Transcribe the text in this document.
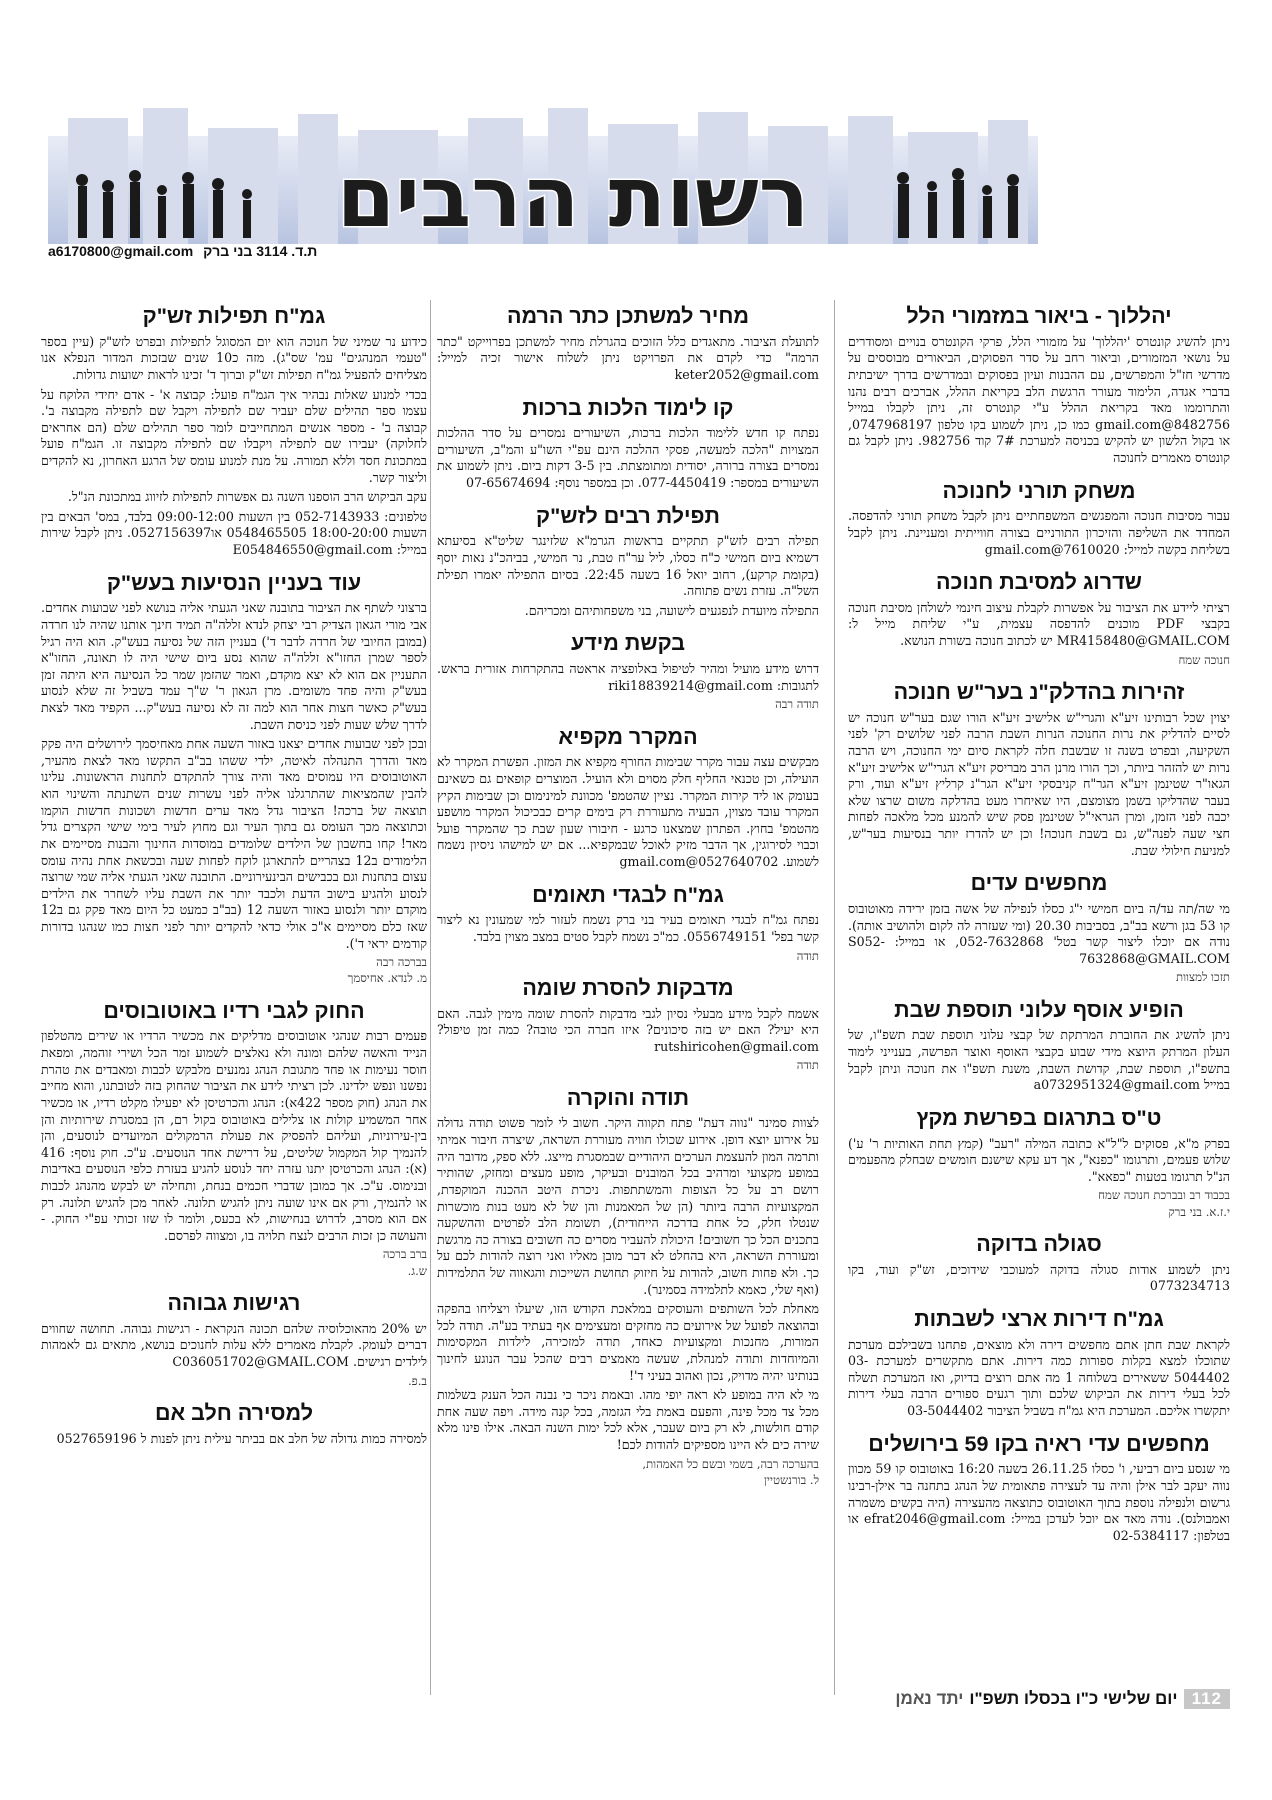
רשות הרבים
a6170800@gmail.com ת.ד. 3114 בני ברק
יהללוך - ביאור במזמורי הלל

ניתן להשיג קונטרס 'יהללוך' על מזמורי הלל, פרקי הקונטרס בנויים ומסודרים על נושאי המזמורים, וביאור רחב על סדר הפסוקים, הביאורים מבוססים על מדרשי חז"ל והמפרשים, עם ההבנות ועיון בפסוקים ובמדרשים בדרך ישיבתית בדברי אגדה, הלימוד מעורר הרגשת הלב בקריאת ההלל, אברכים רבים נהנו והתרוממו מאד בקריאת ההלל ע"י קונטרס זה, ניתן לקבלו במייל 8482756@gmail.com כמו כן, ניתן לשמוע בקו טלפון 0747968197, או בקול הלשון יש להקיש בכניסה למערכת 7# קוד 982756. ניתן לקבל גם קונטרס מאמרים לחנוכה

משחק תורני לחנוכה

עבור מסיבות חנוכה והמפגשים המשפחתיים ניתן לקבל משחק תורני להדפסה. המחדד את השליפה והזיכרון התורניים בצורה חווייתית ומעניינת. ניתן לקבל בשליחת בקשה למייל: 7610020@gmail.com

שדרוג למסיבת חנוכה

רציתי ליידע את הציבור על אפשרות לקבלת עיצוב חינמי לשולחן מסיבת חנוכה בקבצי PDF מוכנים להדפסה עצמית, ע"י שליחת מייל ל: MR4158480@GMAIL.COM יש לכתוב חנוכה בשורת הנושא.

חנוכה שמח

זהירות בהדלק"נ בער"ש חנוכה

יצוין שכל רבותינו זיע"א והגרי"ש אלישיב זיע"א הורו שגם בער"ש חנוכה יש לסיים להדליק את נרות החנוכה הנרות השבת הרבה לפני שלושים רק' לפני השקיעה, ובפרט בשנה זו שבשבת חלה לקראת סיום ימי החנוכה, ויש הרבה נרות יש להזהר ביותר, וכך הורו מרנן הרב מבריסק זיע"א הגרי"ש אלישיב זיע"א הגאו"ר שטינמן זיע"א הגר"ח קניבסקי זיע"א הגר"נ קרליץ זיע"א ועוד, ורק בעבר שהדליקו בשמן מצומצם, היו שאיחרו מעט בהדלקה משום שרצו שלא יכבה לפני הזמן, ומרן הגראי"ל שטינמן פסק שיש להמנע מכל מלאכה לפחות חצי שעה לפנה"ש, גם בשבת חנוכה! וכן יש להדרז יותר בנסיעות בער"ש, למניעת חילולי שבת.

מחפשים עדים

מי שה/תה עד/ה ביום חמישי י"ג כסלו לנפילה של אשה בזמן ירידה מאוטובוס קו 53 בגן ורשא בב"ב, בסביבות 20.30 (ומי שעזרה לה לקום ולהושיב אותה). נודה אם יוכלו ליצור קשר בטל' 052-7632868, או במייל: S052-7632868@GMAIL.COM

תזכו למצוות

הופיע אוסף עלוני תוספת שבת

ניתן להשיג את החוברת המרתקת של קבצי עלוני תוספת שבת תשפ"ו, של העלון המרתק היוצא מידי שבוע בקבצי האוסף ואוצר הפרשה, בענייני לימוד בתשפ"ו, תוספת שבת, קדושת השבת, משנת תשפ"ו את חנוכה וניתן לקבל במייל a0732951324@gmail.com

ט"ס בתרגום בפרשת מקץ

בפרק מ"א, פסוקים ל"ל"א כתובה המילה "רעב" (קמץ תחת האותיות ר' ע') שלוש פעמים, ותרגומו "כפנא", אך דע עקא שישנם חומשים שבחלק מהפעמים הנ"ל תרגומו בטעות "כפאא".

בכבוד רב ובברכת חנוכה שמח

י.ז.א. בני ברק

סגולה בדוקה

ניתן לשמוע אודות סגולה בדוקה למעוכבי שידוכים, זש"ק ועוד, בקו 0773234713

גמ"ח דירות ארצי לשבתות

לקראת שבת חתן אתם מחפשים דירה ולא מוצאים, פתחנו בשבילכם מערכת שתוכלו למצא בקלות ספורות כמה דירות. אתם מתקשרים למערכת 03-5044402 ששאירים בשלוחה 1 מה אתם רוצים בדיוק, ואז המערכת תשלח לכל בעלי דירות את הביקוש שלכם ותוך רגעים ספורים הרבה בעלי דירות יתקשרו אליכם. המערכת היא גמ"ח בשביל הציבור 03-5044402

מחפשים עדי ראיה בקו 59 בירושלים

מי שנסע ביום רביעי, ו' כסלו 26.11.25 בשעה 16:20 באוטובוס קו 59 מכוון נווה יעקב לבר אילן והיה עד לעצירה פתאומית של הנהג בתחנה בר אילן-רבינו גרשום ולנפילה נוספת בתוך האוטובוס כתוצאה מהעצירה (היה בקשים משמרה ואמבולנס). נודה מאד אם יוכל לעדכן במייל: efrat2046@gmail.com או בטלפון: 02-5384117

מחיר למשתכן כתר הרמה

לתועלת הציבור. מתאגדים כלל הזוכים בהגרלת מחיר למשתכן בפרוייקט "כתר הרמה" כדי לקדם את הפרויקט ניתן לשלוח אישור זכיה למייל: keter2052@gmail.com

קו לימוד הלכות ברכות

נפתח קו חדש ללימוד הלכות ברכות, השיעורים נמסרים על סדר ההלכות המצויות "הלכה למעשה, פסקי ההלכה הינם עפ"י השו"ע והמ"ב, השיעורים נמסרים בצורה ברורה, יסודית ומתומצתת. בין 3-5 דקות ביום. ניתן לשמוע את השיעורים במספר: 077-4450419. וכן במספר נוסף: 07-65674694

תפילת רבים לזש"ק

תפילה רבים לזש"ק תתקיים בראשות הגרמ"א שלזינגר שליט"א בסיעתא דשמיא ביום חמישי כ"ח כסלו, ליל ער"ח טבת, נר חמישי, בביהכ"נ נאות יוסף (בקומת קרקע), רחוב יואל 16 בשעה 22:45. בסיום התפילה יאמרו תפילת השל"ה. עזרת נשים פתוחה.

התפילה מיועדת לנפגעים לישועה, בני משפחותיהם ומכריהם.

בקשת מידע

דרוש מידע מועיל ומהיר לטיפול באלופציה אראטה בהתקרחות אזורית בראש. לתגובות: riki18839214@gmail.com

תודה רבה

המקרר מקפיא

מבקשים עצה עבור מקרר שבימות החורף מקפיא את המזון. הפשרת המקרר לא הועילה, וכן טכנאי החליף חלק מסוים ולא הועיל. המוצרים קופאים גם כשאינם בעומק או ליד קירות המקרר. נציין שהטמפ' מכוונת למינימום וכן שבימות הקיץ המקרר עובד מצוין, הבעיה מתעוררת רק בימים קרים כבכיכול המקרר מושפע מהטמפ' בחוץ. הפתרון שמצאנו כרגע - חיבורו שעון שבת כך שהמקרר פועל וכבוי לסירוגין, אך הדבר מזיק לאוכל שבמקפיא... אם יש למישהו ניסיון נשמח לשמוע. 0527640702@gmail.com

גמ"ח לבגדי תאומים

נפתח גמ"ח לבגדי תאומים בעיר בני ברק נשמח לעזור למי שמעונין נא ליצור קשר בפל' 0556749151. כמ"כ נשמח לקבל סטים במצב מצוין בלבד.

תודה

מדבקות להסרת שומה

אשמח לקבל מידע מבעלי נסיון לגבי מדבקות להסרת שומה מימין לגבה. האם היא יעיל? האם יש בזה סיכונים? איזו חברה הכי טובה? כמה זמן טיפול? rutshiricohen@gmail.com

תודה

תודה והוקרה

לצוות סמינר "נווה דעת" פתח תקווה היקר. חשוב לי לומר פשוט תודה גדולה על אירוע יוצא דופן. אירוע שכולו חוויה מעוררת השראה, שיצרה חיבור אמיתי ותרמה המון להעצמת הערכים היהודיים שבמסגרת מייצג. ללא ספק, מדובר היה במופע מקצועי ומרהיב בכל המובנים ובעיקר, מופע מעצים ומחזק, שהותיר רושם רב על כל הצופות והמשתתפות. ניכרת היטב ההכנה המוקפדת, המקצועיות הרבה ביותר (הן של המאמנות והן של לא מעט בנות מוכשרות שנטלו חלק, כל אחת בדרכה הייחודית), תשומת הלב לפרטים וההשקעה בתכנים הכל כך חשובים! היכולת להעביר מסרים כה חשובים בצורה כה מרגשת ומעוררת השראה, היא בהחלט לא דבר מובן מאליו ואני רוצה להודות לכם על כך. ולא פחות חשוב, להודות על חיזוק תחושת השייכות והגאווה של התלמידות (ואף שלי, כאמא לתלמידה בסמינר).

מאחלת לכל השותפים והעוסקים במלאכת הקודש הזו, שיעלו ויצליחו בהפקה ובהוצאה לפועל של אירועים כה מחזקים ומעצימים אף בעתיד בע"ה. תודה לכל המורות, מחנכות ומקצועיות כאחד, תודה למזכירה, לילדות המקסימות והמיוחדות ותודה למנהלת, שעשה מאמצים רבים שהכל עבר הנוגע לחינוך בנותינו יהיה מדויק, נכון ואהוב בעיני ד'!

מי לא היה במופע לא ראה יופי מהו. ובאמת ניכר כי נבנה הכל הענק בשלמות מכל צד מכל פינה, והפעם באמת בלי הגזמה, בכל קנה מידה. ויפה שעה אחת קודם חולשות, לא רק ביום שעבר, אלא לכל ימות השנה הבאה. אילו פינו מלא שירה כים לא היינו מספיקים להודות לכם!

בהערכה רבה, בשמי ובשם כל האמהות,

ל. בורנשטיין

גמ"ח תפילות זש"ק

כידוע נר שמיני של חנוכה הוא יום המסוגל לתפילות ובפרט לזש"ק (עיין בספר "טעמי המנהגים" עמ' שס"ג). מזה כ10 שנים שבזכות המדור הנפלא אנו מצליחים להפעיל גמ"ח תפילות זש"ק וברוך ד' זכינו לראות ישועות גדולות.

בכדי למנוע שאלות נבהיר איך הגמ"ח פועל: קבוצה א' - אדם יחידי הלוקח על עצמו ספר תהילים שלם יעביר שם לתפילה ויקבל שם לתפילה מקבוצה ב'. קבוצה ב' - מספר אנשים המתחייבים לומר ספר תהילים שלם (הם אחראים לחלוקה) יעבירו שם לתפילה ויקבלו שם לתפילה מקבוצה זו. הגמ"ח פועל במתכונת חסד וללא תמורה. על מנת למנוע עומס של הרגע האחרון, נא להקדים וליצור קשר.

עקב הביקוש הרב הוספנו השנה גם אפשרות לתפילות לזיווג במתכונת הנ"ל.

טלפונים: 052-7143933 בין השעות 09:00-12:00 בלבד, במס' הבאים בין השעות 18:00-20:00 0548465505 או0527156397. ניתן לקבל שירות במייל: E054846550@gmail.com

עוד בעניין הנסיעות בעש"ק

ברצוני לשתף את הציבור בתובנה שאני הגעתי אליה בנושא לפני שבועות אחדים. אבי מורי הגאון הצדיק רבי יצחק לנדא זללה"ה תמיד חינך אותנו שהיה לנו חרדה (במובן החיובי של חרדה לדבר ד') בעניין הזה של נסיעה בעש"ק. הוא היה רגיל לספר שמרן החזו"א זללה"ה שהוא נסע ביום שישי היה לו תאונה, החזו"א התעניין אם הוא לא יצא מוקדם, ואמר שהזמן שמר כל הנסיעה היא היתה זמן בעש"ק והיה פחד משומים. מרן הגאון ר' ש"ך עמד בשביל זה שלא לנסוע בעש"ק כאשר חצות אחר הוא למה זה לא נסיעה בעש"ק... הקפיד מאד לצאת לדרך שלש שעות לפני כניסת השבת.

ובכן לפני שבועות אחדים יצאנו באזור השעה אחת מאחיסמך לירושלים היה פקק מאד והדרך התנהלה לאיטה, ילדי ששהו בב"ב התקשו מאד לצאת מהעיר, האוטובוסים היו עמוסים מאד והיה צורך להתקדם לתחנות הראשונות. עלינו להבין שהמציאות שהתרגלנו אליה לפני עשרות שנים השתנתה והשינוי הוא תוצאה של ברכה! הציבור גדל מאד ערים חדשות ושכונות חדשות הוקמו וכתוצאה מכך העומס גם בתוך העיר וגם מחוץ לעיר בימי שישי הקצרים גדל מאד! קחו בחשבון של הילדים שלומדים במוסדות החינוך והבנות מסיימים את הלימודים ב12 בצהריים להתארגן לוקח לפחות שעה ובכשאת אחת נהיה עומס עצום בתחנות וגם בכבישים הבינעירוניים. התובנה שאני הגעתי אליה שמי שרוצה לנסוע ולהגיע בישוב הדעת ולכבד יותר את השבת עליו לשחרר את הילדים מוקדם יותר ולנסוע באזור השעה 12 (בב"ב כמעט כל היום מאד פקק גם ב12 שאז כלם מסיימים א"כ אולי כדאי להקדים יותר לפני חצות כמו שנהגו בדורות קודמים יראי ד').

בברכה רבה

מ. לנדא. אחיסמך

החוק לגבי רדיו באוטובוסים

פעמים רבות שנהגי אוטובוסים מדליקים את מכשיר הרדיו או שירים מהטלפון הנייד והאשה שלהם ומונה ולא נאלצים לשמוע זמר הכל ושירי זוהמה, ומפאת חוסר נעימות או פחד מתגובת הנהג נמנעים מלבקש לכבות ומאבדים את טהרת נפשנו ונפש ילדינו. לכן רציתי לידע את הציבור שהחוק בזה לטובתנו, והוא מחייב את הנהג (חוק מספר 422א): הנהג והכרטיסן לא יפעילו מקלט רדיו, או מכשיר אחר המשמיע קולות או צלילים באוטובוס בקול רם, הן במסגרת שירותיות והן בין-עירוניות, ועליהם להפסיק את פעולת הרמקולים המיועדים לנוסעים, והן להנמיך קול המקמול שליטים, על דרישת אחד הנוסעים. ע"כ. חוק נוסף: 416 (א): הנהג והכרטיסן יתנו עזרה יחד לנוסע להגיע בעזרת כלפי הנוסעים באדיבות ובנימוס. ע"כ. אך כמובן שדברי חכמים בנחת, ותחילה יש לבקש מהנהג לכבות או להנמיך, ורק אם אינו שועה ניתן להגיש תלונה. לאחר מכן להגיש תלונה. רק אם הוא מסרב, לדרוש בנחישות, לא בכעס, ולומר לו שזו זכותי עפ"י החוק. - והעושה כן זכות הרבים לנצח תלויה בו, ומצווה לפרסם.

ברב ברכה

ש.ג.

רגישות גבוהה

יש 20% מהאוכלוסיה שלהם תכונה הנקראת - רגישות גבוהה. תחושה שחווים דברים לעומק. לקבלת מאמרים ללא עלות לחנוכים בנושא, מתאים גם לאמהות לילדים רגישים. C036051702@GMAIL.COM

ב.פ.

למסירה חלב אם

למסירה כמות גדולה של חלב אם בביתר עילית ניתן לפנות ל 0527659196

112
יום שלישי כ"ו בכסלו תשפ"ו
יתד נאמן
